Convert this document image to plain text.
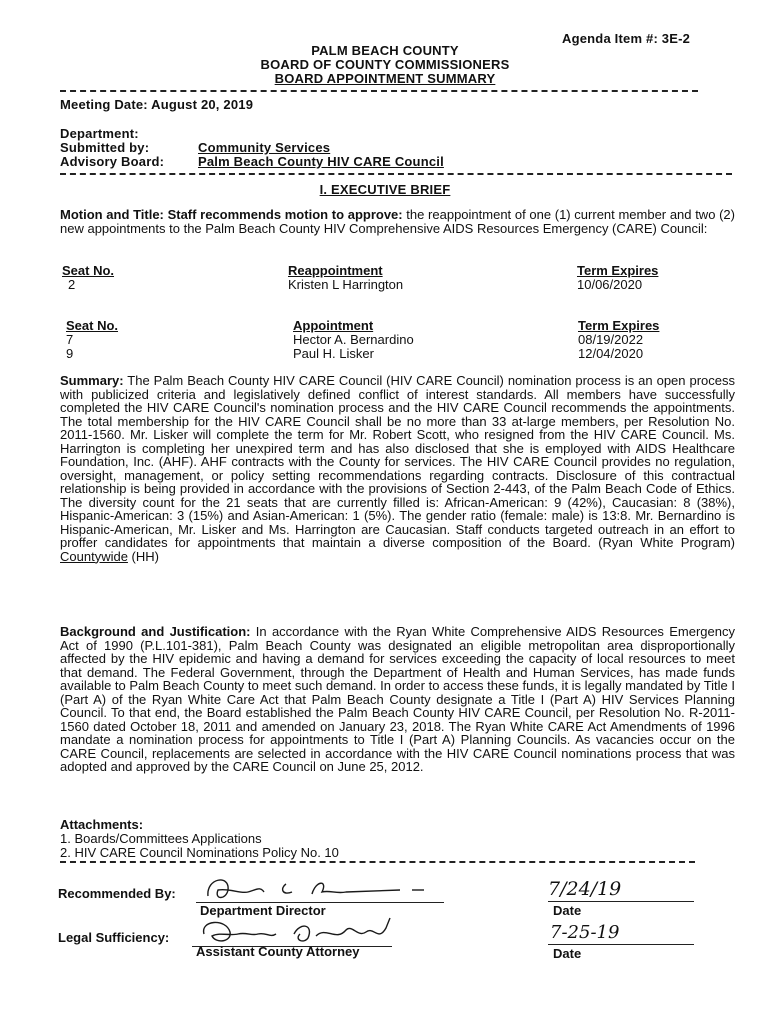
Agenda Item #: 3E-2
PALM BEACH COUNTY
BOARD OF COUNTY COMMISSIONERS
BOARD APPOINTMENT SUMMARY
Meeting Date: August 20, 2019
Department:
Submitted by:	Community Services
Advisory Board:	Palm Beach County HIV CARE Council
I. EXECUTIVE BRIEF
Motion and Title: Staff recommends motion to approve: the reappointment of one (1) current member and two (2) new appointments to the Palm Beach County HIV Comprehensive AIDS Resources Emergency (CARE) Council:
Seat No.	Reappointment	Term Expires
2	Kristen L Harrington	10/06/2020
Seat No.	Appointment	Term Expires
7	Hector A. Bernardino	08/19/2022
9	Paul H. Lisker	12/04/2020
Summary: The Palm Beach County HIV CARE Council (HIV CARE Council) nomination process is an open process with publicized criteria and legislatively defined conflict of interest standards. All members have successfully completed the HIV CARE Council's nomination process and the HIV CARE Council recommends the appointments. The total membership for the HIV CARE Council shall be no more than 33 at-large members, per Resolution No. 2011-1560. Mr. Lisker will complete the term for Mr. Robert Scott, who resigned from the HIV CARE Council. Ms. Harrington is completing her unexpired term and has also disclosed that she is employed with AIDS Healthcare Foundation, Inc. (AHF). AHF contracts with the County for services. The HIV CARE Council provides no regulation, oversight, management, or policy setting recommendations regarding contracts. Disclosure of this contractual relationship is being provided in accordance with the provisions of Section 2-443, of the Palm Beach Code of Ethics. The diversity count for the 21 seats that are currently filled is: African-American: 9 (42%), Caucasian: 8 (38%), Hispanic-American: 3 (15%) and Asian-American: 1 (5%). The gender ratio (female: male) is 13:8. Mr. Bernardino is Hispanic-American, Mr. Lisker and Ms. Harrington are Caucasian. Staff conducts targeted outreach in an effort to proffer candidates for appointments that maintain a diverse composition of the Board. (Ryan White Program) Countywide (HH)
Background and Justification: In accordance with the Ryan White Comprehensive AIDS Resources Emergency Act of 1990 (P.L.101-381), Palm Beach County was designated an eligible metropolitan area disproportionally affected by the HIV epidemic and having a demand for services exceeding the capacity of local resources to meet that demand. The Federal Government, through the Department of Health and Human Services, has made funds available to Palm Beach County to meet such demand. In order to access these funds, it is legally mandated by Title I (Part A) of the Ryan White Care Act that Palm Beach County designate a Title I (Part A) HIV Services Planning Council. To that end, the Board established the Palm Beach County HIV CARE Council, per Resolution No. R-2011-1560 dated October 18, 2011 and amended on January 23, 2018. The Ryan White CARE Act Amendments of 1996 mandate a nomination process for appointments to Title I (Part A) Planning Councils. As vacancies occur on the CARE Council, replacements are selected in accordance with the HIV CARE Council nominations process that was adopted and approved by the CARE Council on June 25, 2012.
Attachments:
1. Boards/Committees Applications
2. HIV CARE Council Nominations Policy No. 10
Recommended By:
Department Director
7/24/19
Date
Legal Sufficiency:
Assistant County Attorney
7-25-19
Date
